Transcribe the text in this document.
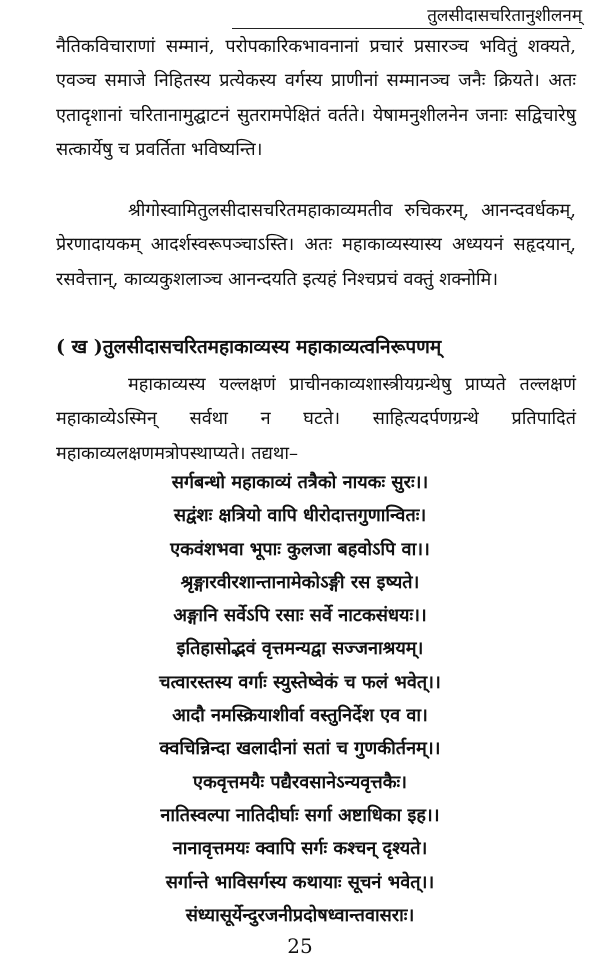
तुलसीदासचरितानुशीलनम्

नैतिकविचाराणां सम्मानं, परोपकारिकभावनानां प्रचारं प्रसारञ्च भवितुं शक्यते, एवञ्च समाजे निहितस्य प्रत्येकस्य वर्गस्य प्राणीनां सम्मानञ्च जनैः क्रियते। अतः एतादृशानां चरितानामुद्घाटनं सुतरामपेक्षितं वर्तते। येषामनुशीलनेन जनाः सद्विचारेषु सत्कार्येषु च प्रवर्तिता भविष्यन्ति।

श्रीगोस्वामितुलसीदासचरितमहाकाव्यमतीव रुचिकरम्, आनन्दवर्धकम्, प्रेरणादायकम् आदर्शस्वरूपञ्चाऽस्ति। अतः महाकाव्यस्यास्य अध्ययनं सहृदयान्, रसवेत्तान्, काव्यकुशलाञ्च आनन्दयति इत्यहं निश्चप्रचं वक्तुं शक्नोमि।

( ख )तुलसीदासचरितमहाकाव्यस्य महाकाव्यत्वनिरूपणम्

महाकाव्यस्य यल्लक्षणं प्राचीनकाव्यशास्त्रीयग्रन्थेषु प्राप्यते तल्लक्षणं महाकाव्येऽस्मिन् सर्वथा न घटते। साहित्यदर्पणग्रन्थे प्रतिपादितं महाकाव्यलक्षणमत्रोपस्थाप्यते। तद्यथा–

सर्गबन्धो महाकाव्यं तत्रैको नायकः सुरः।।

सद्वंशः क्षत्रियो वापि धीरोदात्तगुणान्वितः।

एकवंशभवा भूपाः कुलजा बहवोऽपि वा।।

श्रृङ्गारवीरशान्तानामेकोऽङ्गी रस इष्यते।

अङ्गानि सर्वेऽपि रसाः सर्वे नाटकसंधयः।।

इतिहासोद्भवं वृत्तमन्यद्वा सज्जनाश्रयम्।

चत्वारस्तस्य वर्गाः स्युस्तेष्वेकं च फलं भवेत्।।

आदौ नमस्क्रियाशीर्वा वस्तुनिर्देश एव वा।

क्वचिन्निन्दा खलादीनां सतां च गुणकीर्तनम्।।

एकवृत्तमयैः पद्यैरवसानेऽन्यवृत्तकैः।

नातिस्वल्पा नातिदीर्घाः सर्गा अष्टाधिका इह।।

नानावृत्तमयः क्वापि सर्गः कश्चन् दृश्यते।

सर्गान्ते भाविसर्गस्य कथायाः सूचनं भवेत्।।

संध्यासूर्येन्दुरजनीप्रदोषध्वान्तवासराः।

25
